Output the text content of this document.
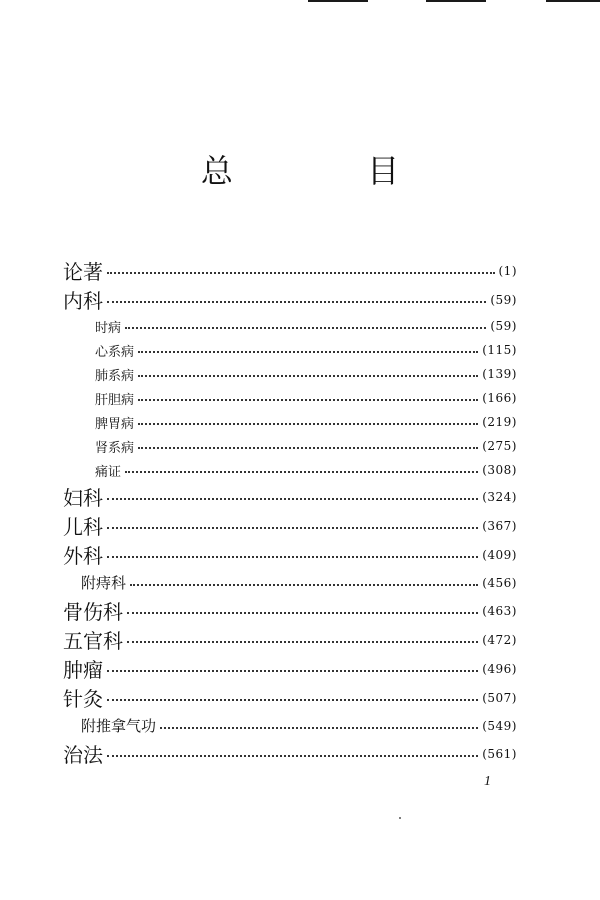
总 目
论著	(1)
内科	(59)
时病	(59)
心系病	(115)
肺系病	(139)
肝胆病	(166)
脾胃病	(219)
肾系病	(275)
痛证	(308)
妇科	(324)
儿科	(367)
外科	(409)
附痔科	(456)
骨伤科	(463)
五官科	(472)
肿瘤	(496)
针灸	(507)
附推拿气功	(549)
治法	(561)
1
